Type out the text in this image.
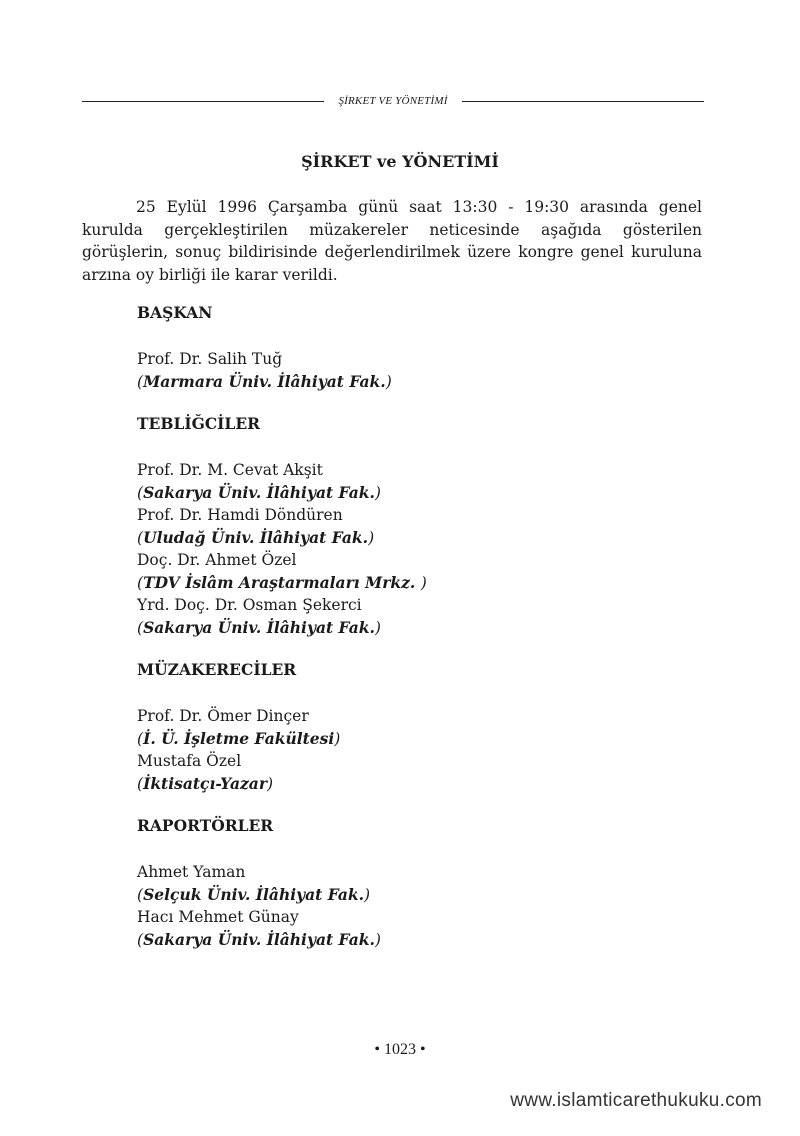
ŞİRKET VE YÖNETİMİ
ŞİRKET ve YÖNETİMİ

25 Eylül 1996 Çarşamba günü saat 13:30 - 19:30 arasında genel kurulda gerçekleştirilen müzakereler neticesinde aşağıda gösterilen görüşlerin, sonuç bildirisinde değerlendirilmek üzere kongre genel kuruluna arzına oy birliği ile karar verildi.

BAŞKAN
Prof. Dr. Salih Tuğ
(Marmara Üniv. İlâhiyat Fak.)
TEBLİĞCİLER
Prof. Dr. M. Cevat Akşit
(Sakarya Üniv. İlâhiyat Fak.)
Prof. Dr. Hamdi Döndüren
(Uludağ Üniv. İlâhiyat Fak.)
Doç. Dr. Ahmet Özel
(TDV İslâm Araştarmaları Mrkz. )
Yrd. Doç. Dr. Osman Şekerci
(Sakarya Üniv. İlâhiyat Fak.)
MÜZAKERECİLER
Prof. Dr. Ömer Dinçer
(İ. Ü. İşletme Fakültesi)
Mustafa Özel
(İktisatçı-Yazar)
RAPORTÖRLER
Ahmet Yaman
(Selçuk Üniv. İlâhiyat Fak.)
Hacı Mehmet Günay
(Sakarya Üniv. İlâhiyat Fak.)
• 1023 •
www.islamticarethukuku.com
